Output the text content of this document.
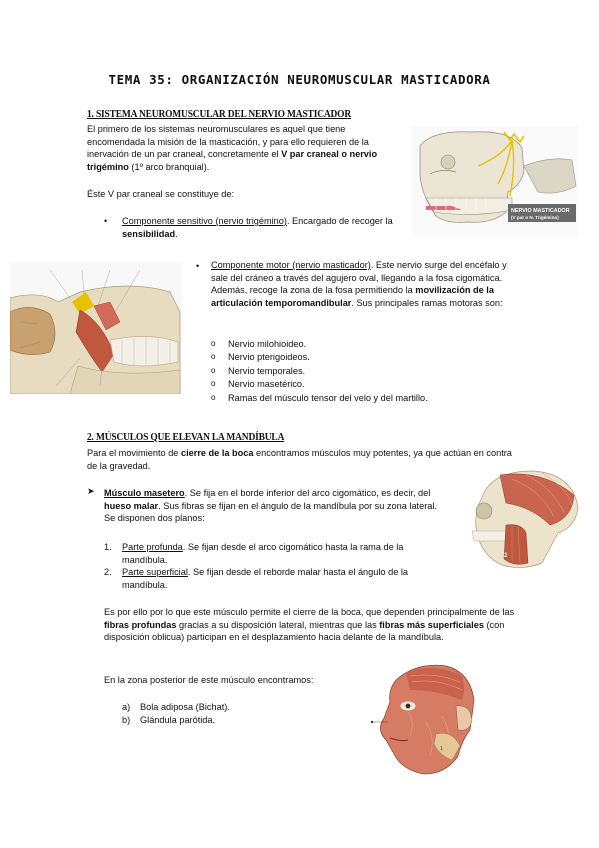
TEMA 35: ORGANIZACIÓN NEUROMUSCULAR MASTICADORA
1. SISTEMA NEUROMUSCULAR DEL NERVIO MASTICADOR
El primero de los sistemas neuromusculares es aquel que tiene encomendada la misión de la masticación, y para ello requieren de la inervación de un par craneal, concretamente el V par craneal o nervio trigémino (1º arco branquial).
Éste V par craneal se constituye de:
• Componente sensitivo (nervio trigémino). Encargado de recoger la sensibilidad.
NERVIO MASTICADOR
(V par o N. Trigémino)
• Componente motor (nervio masticador). Este nervio surge del encéfalo y sale del cráneo a través del agujero oval, llegando a la fosa cigomática. Además, recoge la zona de la fosa permitiendo la movilización de la articulación temporomandibular. Sus principales ramas motoras son:
o Nervio milohioideo.
o Nervio pterigoideos.
o Nervio temporales.
o Nervio masetérico.
o Ramas del músculo tensor del velo y del martillo.
2. MÚSCULOS QUE ELEVAN LA MANDÍBULA
Para el movimiento de cierre de la boca encontramos músculos muy potentes, ya que actúan en contra de la gravedad.
➤ Músculo masetero. Se fija en el borde inferior del arco cigomático, es decir, del hueso malar. Sus fibras se fijan en el ángulo de la mandíbula por su zona lateral. Se disponen dos planos:
1. Parte profunda. Se fijan desde el arco cigomático hasta la rama de la mandíbula.
2. Parte superficial. Se fijan desde el reborde malar hasta el ángulo de la mandíbula.
2
Es por ello por lo que este músculo permite el cierre de la boca, que dependen principalmente de las fibras profundas gracias a su disposición lateral, mientras que las fibras más superficiales (con disposición oblicua) participan en el desplazamiento hacia delante de la mandíbula.
En la zona posterior de este músculo encontramos:
a) Bola adiposa (Bichat).
b) Glándula parótida.
1
